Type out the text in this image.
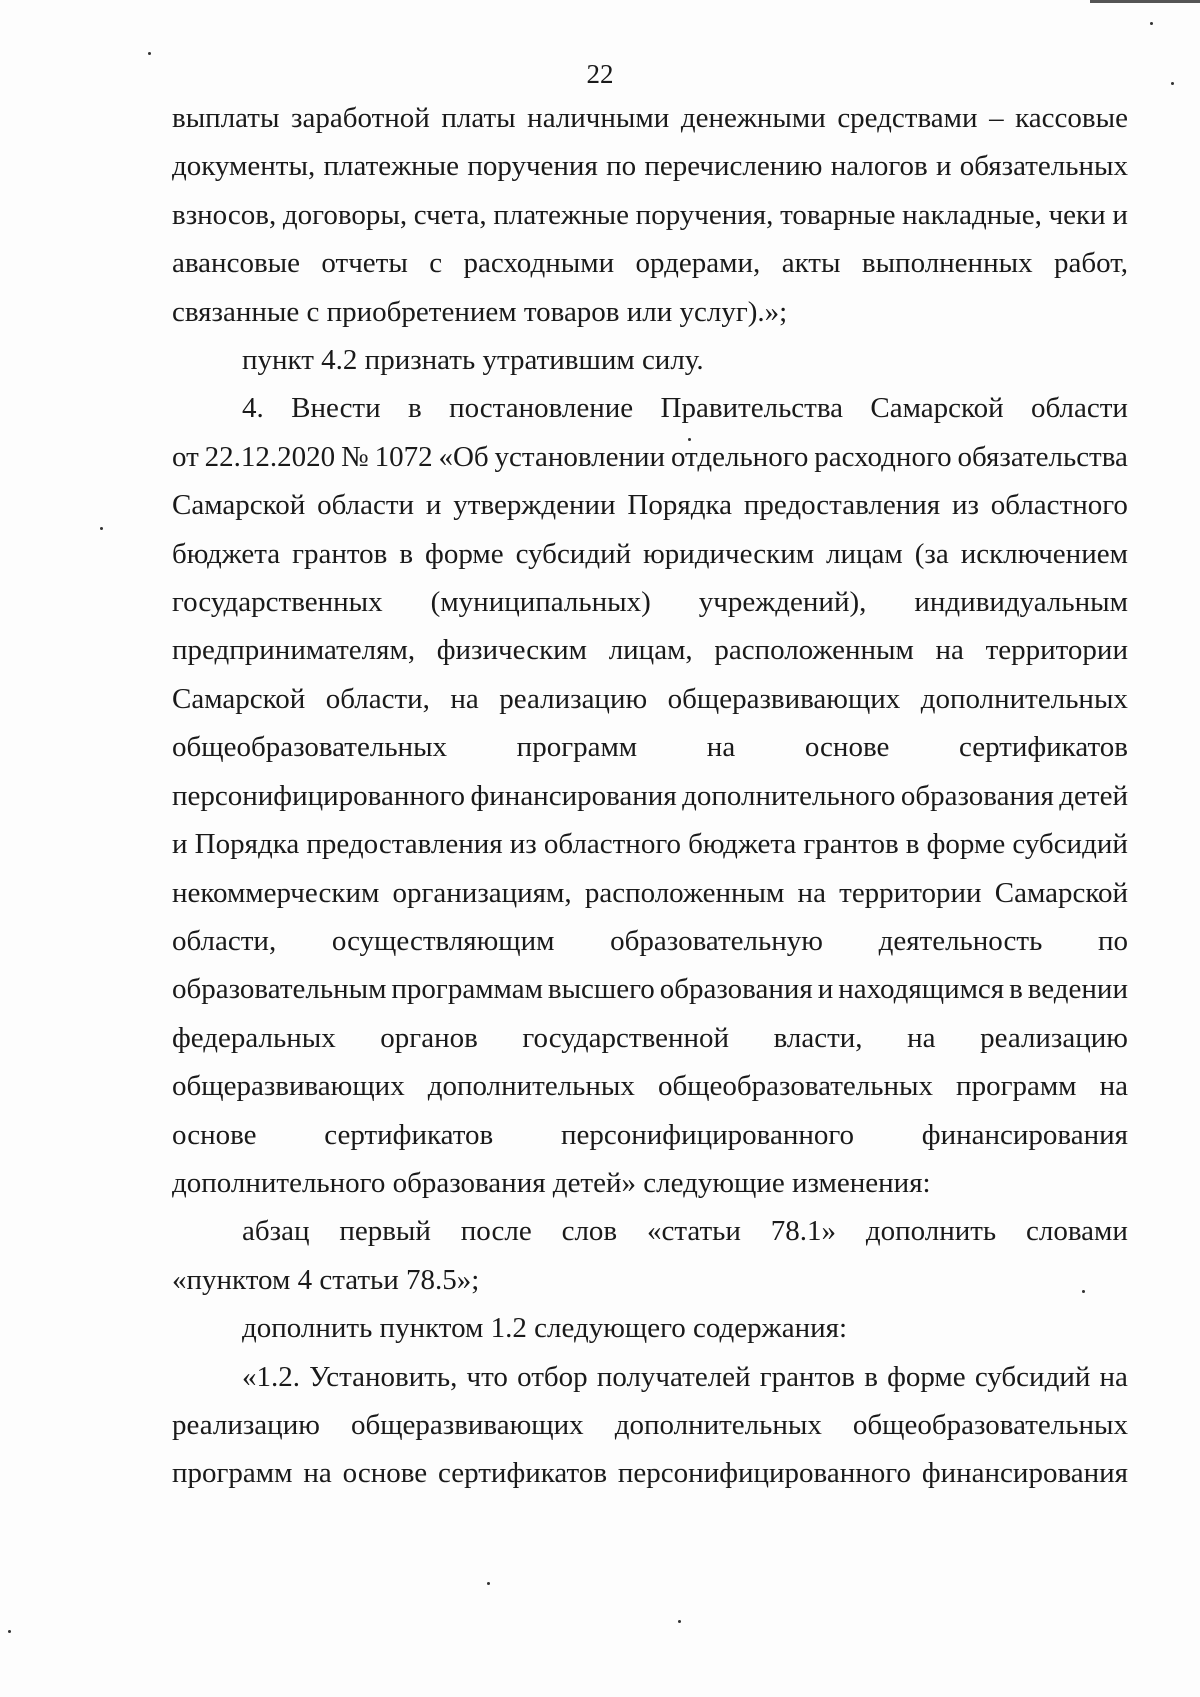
22

выплаты заработной платы наличными денежными средствами – кассовые
документы, платежные поручения по перечислению налогов и обязательных
взносов, договоры, счета, платежные поручения, товарные накладные, чеки и
авансовые отчеты с расходными ордерами, акты выполненных работ,
связанные с приобретением товаров или услуг).»;

пункт 4.2 признать утратившим силу.

4. Внести в постановление Правительства Самарской области
от 22.12.2020 № 1072 «Об установлении отдельного расходного обязательства
Самарской области и утверждении Порядка предоставления из областного
бюджета грантов в форме субсидий юридическим лицам (за исключением
государственных (муниципальных) учреждений), индивидуальным
предпринимателям, физическим лицам, расположенным на территории
Самарской области, на реализацию общеразвивающих дополнительных
общеобразовательных программ на основе сертификатов
персонифицированного финансирования дополнительного образования детей
и Порядка предоставления из областного бюджета грантов в форме субсидий
некоммерческим организациям, расположенным на территории Самарской
области, осуществляющим образовательную деятельность по
образовательным программам высшего образования и находящимся в ведении
федеральных органов государственной власти, на реализацию
общеразвивающих дополнительных общеобразовательных программ на
основе сертификатов персонифицированного финансирования
дополнительного образования детей» следующие изменения:

абзац первый после слов «статьи 78.1» дополнить словами
«пунктом 4 статьи 78.5»;

дополнить пунктом 1.2 следующего содержания:

«1.2. Установить, что отбор получателей грантов в форме субсидий на
реализацию общеразвивающих дополнительных общеобразовательных
программ на основе сертификатов персонифицированного финансирования
